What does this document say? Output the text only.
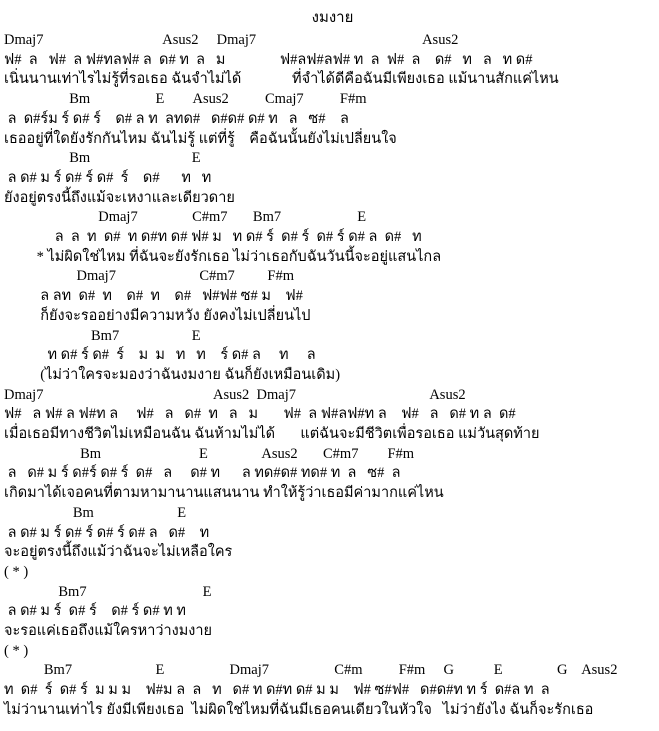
งมงาย
Dmaj7                                 Asus2     Dmaj7                                              Asus2
ฟ#  ล   ฟ#  ล ฟ#ทลฟ# ล  ด# ท  ล   ม               ฟ#ลฟ#ลฟ# ท  ล  ฟ#  ล    ด#   ท   ล   ท ด#
เนิ่นนานเท่าไรไม่รู้ที่รอเธอ ฉันจำไม่ได้              ที่จำได้ดีคือฉันมีเพียงเธอ แม้นานสักแค่ไหน
Bm                  E        Asus2          Cmaj7          F#m
ล  ด#ร์ม ร์ ด# ร์    ด# ล ท  ลทด#   ด#ด# ด# ท   ล   ซ#    ล
เธออยู่ที่ใดยังรักกันไหม ฉันไม่รู้ แต่ที่รู้    คือฉันนั้นยังไม่เปลี่ยนใจ
Bm                            E
ล ด# ม ร์ ด# ร์ ด#  ร์    ด#      ท   ท
ยังอยู่ตรงนี้ถึงแม้จะเหงาและเดียวดาย
Dmaj7               C#m7       Bm7                     E
ล  ล  ท  ด#  ท ด#ท ด# ฟ# ม   ท ด# ร์  ด# ร์  ด# ร์ ด# ล  ด#   ท
* ไม่ผิดใช่ไหม ที่ฉันจะยังรักเธอ ไม่ว่าเธอกับฉันวันนี้จะอยู่แสนไกล
Dmaj7                       C#m7         F#m
ล ลท  ด#  ท    ด#  ท    ด#   ฟ#ฟ# ซ# ม    ฟ#
ก็ยังจะรออย่างมีความหวัง ยังคงไม่เปลี่ยนไป
Bm7                    E
ท ด# ร์ ด#  ร์    ม  ม   ท   ท    ร์ ด# ล     ท     ล
(ไม่ว่าใครจะมองว่าฉันงมงาย ฉันก็ยังเหมือนเดิม)
Dmaj7                                               Asus2  Dmaj7                                     Asus2
ฟ#   ล ฟ# ล ฟ#ท ล     ฟ#   ล   ด#  ท   ล   ม       ฟ#  ล ฟ#ลฟ#ท ล    ฟ#   ล   ด# ท ล  ด#
เมื่อเธอมีทางชีวิตไม่เหมือนฉัน ฉันห้ามไม่ได้       แต่ฉันจะมีชีวิตเพื่อรอเธอ แม่วันสุดท้าย
Bm                           E               Asus2       C#m7        F#m
ล   ด# ม ร์ ด#ร์ ด# ร์  ด#   ล     ด# ท      ล ทด#ด# ทด# ท  ล   ซ#  ล
เกิดมาได้เจอคนที่ตามหามานานแสนนาน ทำให้รู้ว่าเธอมีค่ามากแค่ไหน
Bm                       E
ล ด# ม ร์ ด# ร์ ด# ร์ ด# ล   ด#    ท
จะอยู่ตรงนี้ถึงแม้ว่าฉันจะไม่เหลือใคร
( * )
Bm7                                E
ล ด# ม ร์  ด# ร์    ด# ร์ ด# ท ท
จะรอแค่เธอถึงแม้ใครหาว่างมงาย
( * )
Bm7                       E                  Dmaj7                  C#m          F#m     G           E               G    Asus2
ท  ด#  ร์  ด# ร์  ม ม ม    ฟ#ม ล  ล   ท   ด# ท ด#ท ด# ม ม    ฟ# ซ#ฟ#   ด#ด#ท ท ร์  ด#ล ท  ล
ไม่ว่านานเท่าไร ยังมีเพียงเธอ  ไม่ผิดใช่ไหมที่ฉันมีเธอคนเดียวในหัวใจ   ไม่ว่ายังไง ฉันก็จะรักเธอ
